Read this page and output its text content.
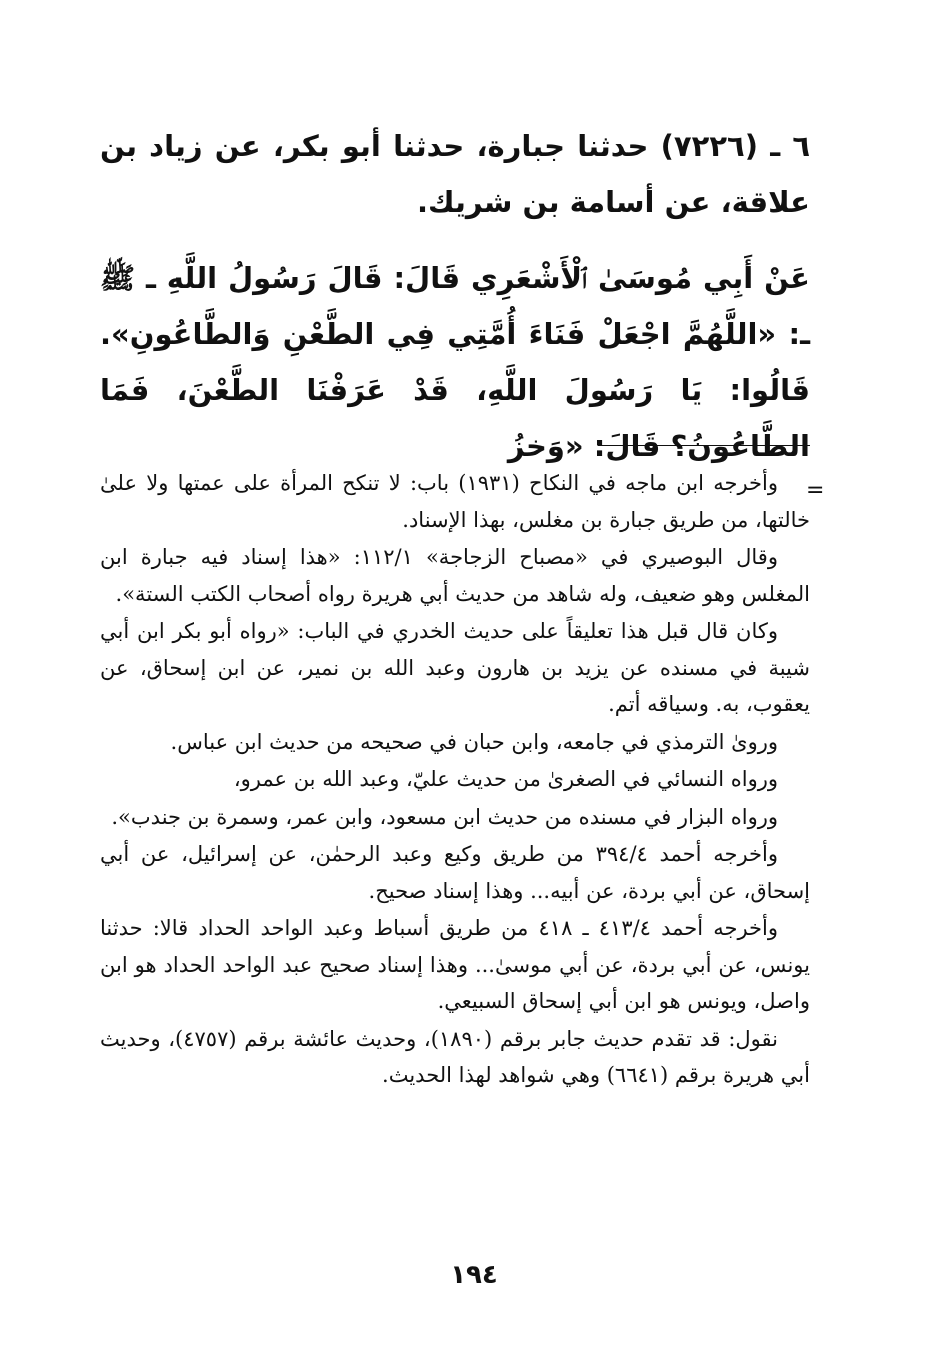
٦ ـ (٧٢٢٦) حدثنا جبارة، حدثنا أبو بكر، عن زياد بن علاقة، عن أسامة بن شريك.

عَنْ أَبِي مُوسَىٰ ٱلْأَشْعَرِي قَالَ: قَالَ رَسُولُ اللَّهِ ـ ﷺ ـ: «اللَّهُمَّ اجْعَلْ فَنَاءَ أُمَّتِي فِي الطَّعْنِ وَالطَّاعُونِ». قَالُوا: يَا رَسُولَ اللَّهِ، قَدْ عَرَفْنَا الطَّعْنَ، فَمَا الطَّاعُونُ؟ قَالَ: «وَخزُ

=

وأخرجه ابن ماجه في النكاح (١٩٣١) باب: لا تنكح المرأة على عمتها ولا علىٰ خالتها، من طريق جبارة بن مغلس، بهذا الإسناد.

وقال البوصيري في «مصباح الزجاجة» ١١٢/١: «هذا إسناد فيه جبارة ابن المغلس وهو ضعيف، وله شاهد من حديث أبي هريرة رواه أصحاب الكتب الستة».

وكان قال قبل هذا تعليقاً على حديث الخدري في الباب: «رواه أبو بكر ابن أبي شيبة في مسنده عن يزيد بن هارون وعبد الله بن نمير، عن ابن إسحاق، عن يعقوب، به. وسياقه أتم.

ورویٰ الترمذي في جامعه، وابن حبان في صحيحه من حديث ابن عباس.

ورواه النسائي في الصغرىٰ من حديث عليّ، وعبد الله بن عمرو،

ورواه البزار في مسنده من حديث ابن مسعود، وابن عمر، وسمرة بن جندب».

وأخرجه أحمد ٣٩٤/٤ من طريق وكيع وعبد الرحمٰن، عن إسرائيل، عن أبي إسحاق، عن أبي بردة، عن أبيه... وهذا إسناد صحيح.

وأخرجه أحمد ٤١٣/٤ ـ ٤١٨ من طريق أسباط وعبد الواحد الحداد قالا: حدثنا يونس، عن أبي بردة، عن أبي موسىٰ... وهذا إسناد صحيح عبد الواحد الحداد هو ابن واصل، ويونس هو ابن أبي إسحاق السبيعي.

نقول: قد تقدم حديث جابر برقم (١٨٩٠)، وحديث عائشة برقم (٤٧٥٧)، وحديث أبي هريرة برقم (٦٦٤١) وهي شواهد لهذا الحديث.

١٩٤
